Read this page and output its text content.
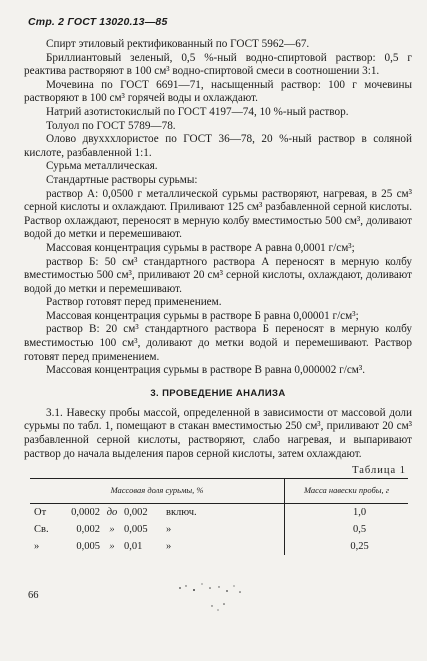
Стр. 2 ГОСТ 13020.13—85

Спирт этиловый ректификованный по ГОСТ 5962—67.

Бриллиантовый зеленый, 0,5 %-ный водно-спиртовой раствор: 0,5 г реактива растворяют в 100 см³ водно-спиртовой смеси в соотношении 3:1.

Мочевина по ГОСТ 6691—71, насыщенный раствор: 100 г мочевины растворяют в 100 см³ горячей воды и охлаждают.

Натрий азотистокислый по ГОСТ 4197—74, 10 %-ный раствор.

Толуол по ГОСТ 5789—78.

Олово двухххлористое по ГОСТ 36—78, 20 %-ный раствор в соляной кислоте, разбавленной 1:1.

Сурьма металлическая.

Стандартные растворы сурьмы:

раствор А: 0,0500 г металлической сурьмы растворяют, нагревая, в 25 см³ серной кислоты и охлаждают. Приливают 125 см³ разбавленной серной кислоты. Раствор охлаждают, переносят в мерную колбу вместимостью 500 см³, доливают водой до метки и перемешивают.

Массовая концентрация сурьмы в растворе А равна 0,0001 г/см³;

раствор Б: 50 см³ стандартного раствора А переносят в мерную колбу вместимостью 500 см³, приливают 20 см³ серной кислоты, охлаждают, доливают водой до метки и перемешивают.

Раствор готовят перед применением.

Массовая концентрация сурьмы в растворе Б равна 0,00001 г/см³;

раствор В: 20 см³ стандартного раствора Б переносят в мерную колбу вместимостью 100 см³, доливают до метки водой и перемешивают. Раствор готовят перед применением.

Массовая концентрация сурьмы в растворе В равна 0,000002 г/см³.

3. ПРОВЕДЕНИЕ АНАЛИЗА

3.1. Навеску пробы массой, определенной в зависимости от массовой доли сурьмы по табл. 1, помещают в стакан вместимостью 250 см³, приливают 20 см³ разбавленной серной кислоты, растворяют, слабо нагревая, и выпаривают раствор до начала выделения паров серной кислоты, затем охлаждают.

Таблица 1
Массовая доля сурьмы, %	Масса навески пробы, г
От 0,0002 до 0,002 включ.	1,0
Св. 0,002 » 0,005 »	0,5
» 0,005 » 0,01 »	0,25
66
